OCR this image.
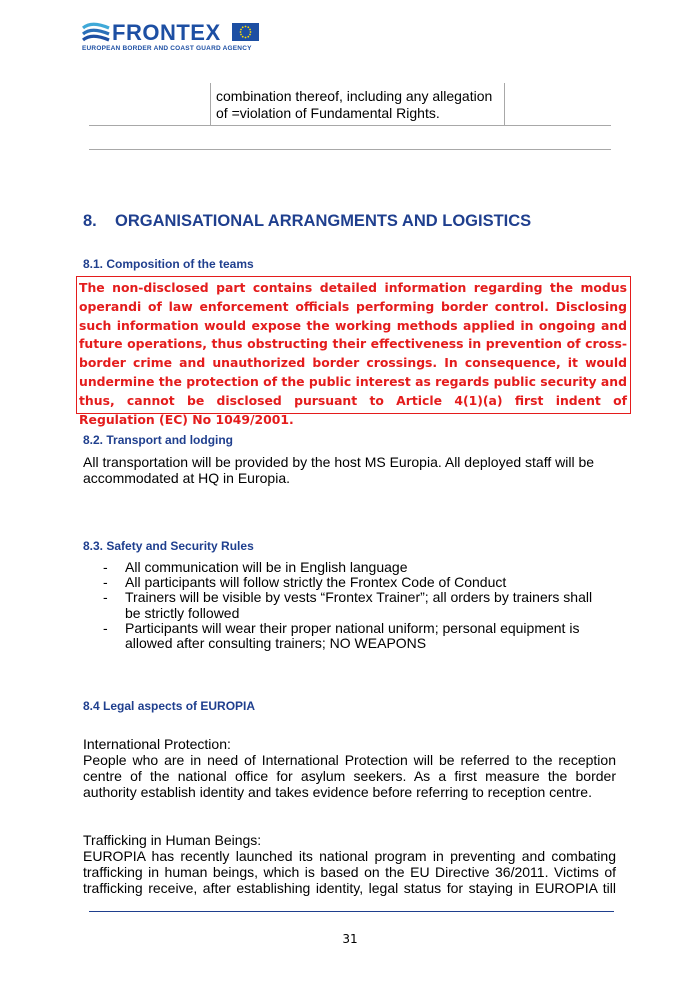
FRONTEX
EUROPEAN BORDER AND COAST GUARD AGENCY
combination thereof, including any allegation
of =violation of Fundamental Rights.
8. ORGANISATIONAL ARRANGMENTS AND LOGISTICS
8.1. Composition of the teams
The non-disclosed part contains detailed information regarding the modus operandi of law enforcement officials performing border control. Disclosing such information would expose the working methods applied in ongoing and future operations, thus obstructing their effectiveness in prevention of cross-border crime and unauthorized border crossings. In consequence, it would undermine the protection of the public interest as regards public security and thus, cannot be disclosed pursuant to Article 4(1)(a) first indent of Regulation (EC) No 1049/2001.
8.2. Transport and lodging
All transportation will be provided by the host MS Europia. All deployed staff will be accommodated at HQ in Europia.
8.3. Safety and Security Rules
- All communication will be in English language
- All participants will follow strictly the Frontex Code of Conduct
- Trainers will be visible by vests “Frontex Trainer”; all orders by trainers shall be strictly followed
- Participants will wear their proper national uniform; personal equipment is allowed after consulting trainers; NO WEAPONS
8.4 Legal aspects of EUROPIA
International Protection:
People who are in need of International Protection will be referred to the reception centre of the national office for asylum seekers. As a first measure the border authority establish identity and takes evidence before referring to reception centre.
Trafficking in Human Beings:
EUROPIA has recently launched its national program in preventing and combating trafficking in human beings, which is based on the EU Directive 36/2011. Victims of trafficking receive, after establishing identity, legal status for staying in EUROPIA till
31
